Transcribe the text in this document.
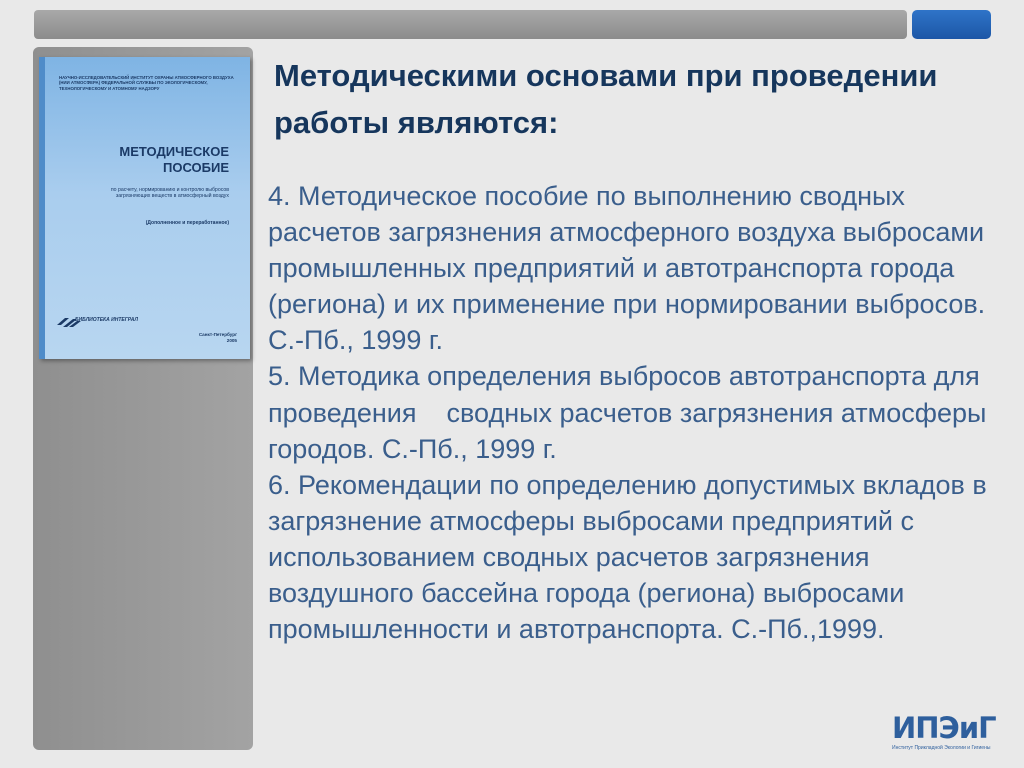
НАУЧНО-ИССЛЕДОВАТЕЛЬСКИЙ ИНСТИТУТ ОХРАНЫ АТМОСФЕРНОГО ВОЗДУХА (НИИ АТМОСФЕРА) ФЕДЕРАЛЬНОЙ СЛУЖБЫ ПО ЭКОЛОГИЧЕСКОМУ, ТЕХНОЛОГИЧЕСКОМУ И АТОМНОМУ НАДЗОРУ
МЕТОДИЧЕСКОЕ ПОСОБИЕ
по расчету, нормированию и контролю выбросов загрязняющих веществ в атмосферный воздух
(Дополненное и переработанное)
БИБЛИОТЕКА ИНТЕГРАЛ
Санкт-Петербург
2005
Методическими основами при проведении работы являются:

4. Методическое пособие по выполнению сводных расчетов загрязнения атмосферного воздуха выбросами промышленных предприятий и автотранспорта города (региона) и их применение при нормировании выбросов. С.-Пб., 1999 г.

5. Методика определения выбросов автотранспорта для проведения    сводных расчетов загрязнения атмосферы городов. С.-Пб., 1999 г.

6. Рекомендации по определению допустимых вкладов в загрязнение атмосферы выбросами предприятий с использованием сводных расчетов загрязнения воздушного бассейна города (региона) выбросами промышленности и автотранспорта. С.-Пб.,1999.

ИПЭиГ
Институт Прикладной Экологии и Гигиены
